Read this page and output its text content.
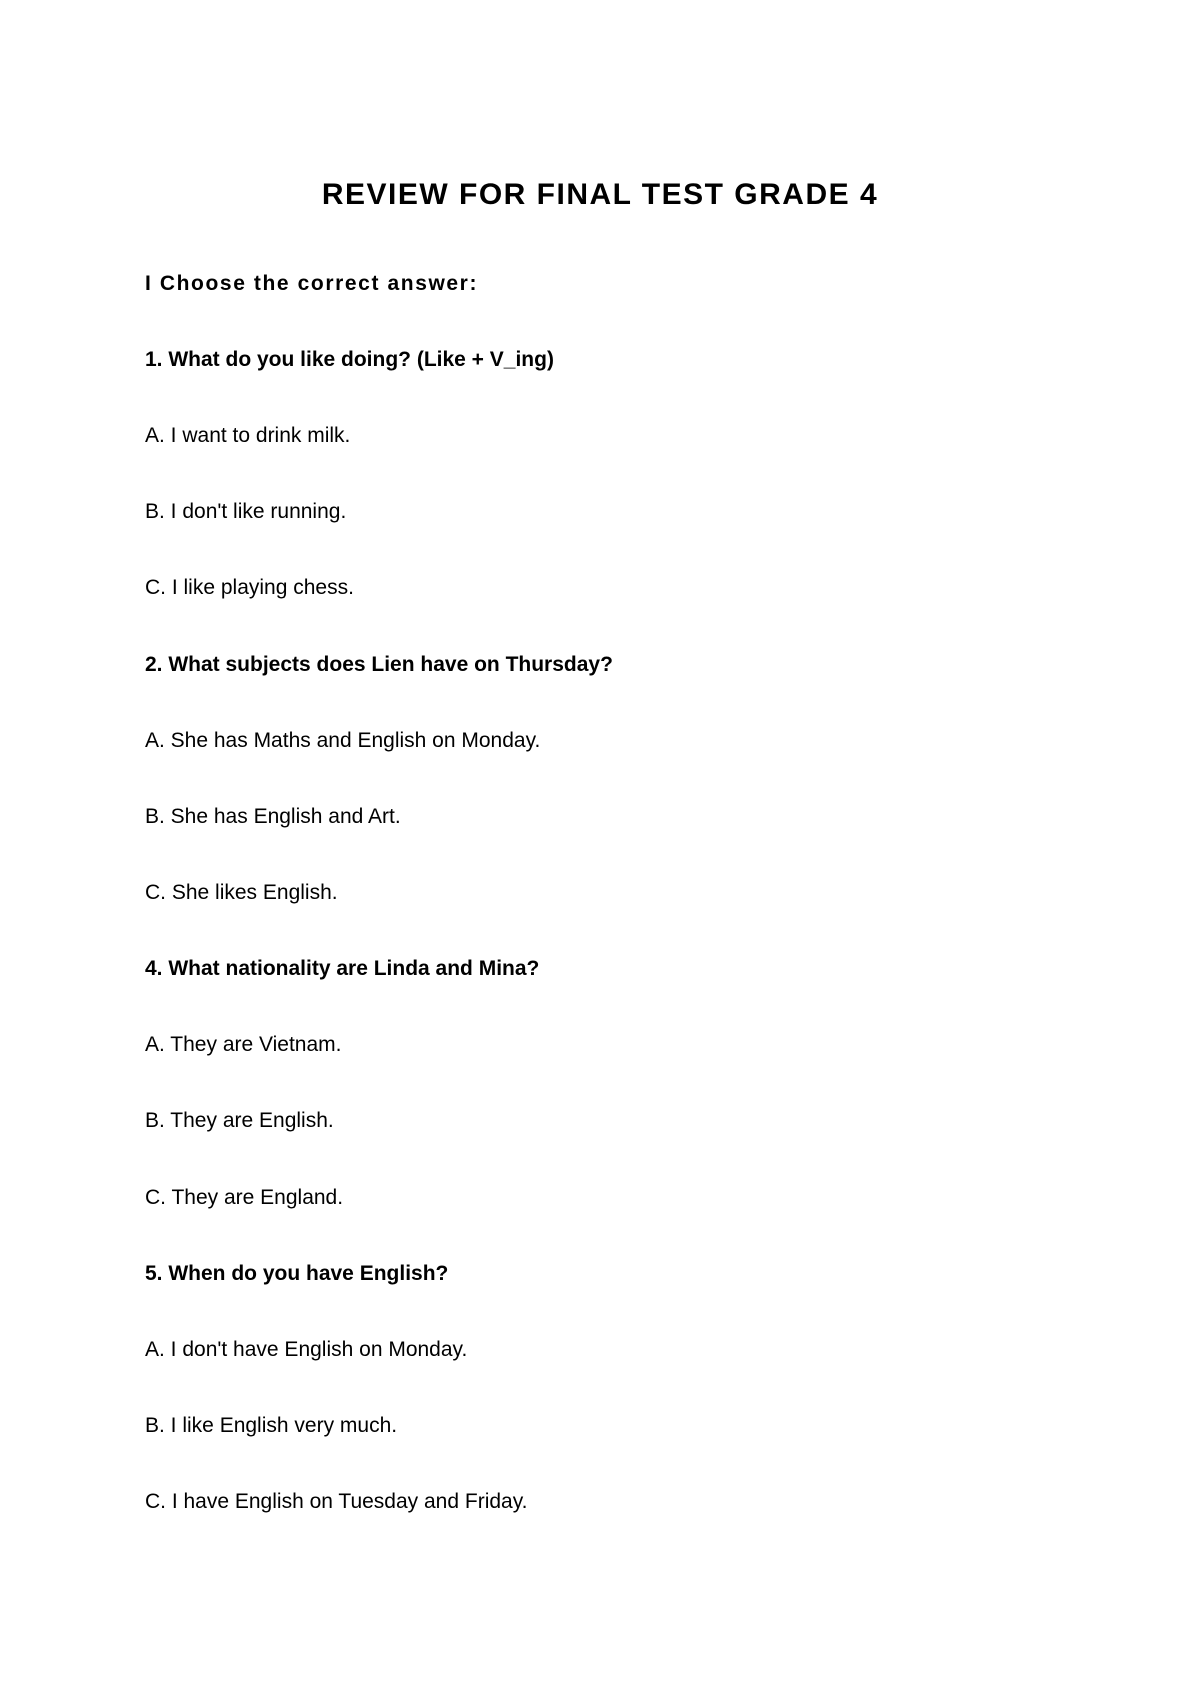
REVIEW FOR FINAL TEST GRADE 4
I Choose the correct answer:
1. What do you like doing? (Like + V_ing)
A. I want to drink milk.
B. I don't like running.
C. I like playing chess.
2. What subjects does Lien have on Thursday?
A. She has Maths and English on Monday.
B. She has English and Art.
C. She likes English.
4. What nationality are Linda and Mina?
A. They are Vietnam.
B. They are English.
C. They are England.
5. When do you have English?
A. I don't have English on Monday.
B. I like English very much.
C. I have English on Tuesday and Friday.
